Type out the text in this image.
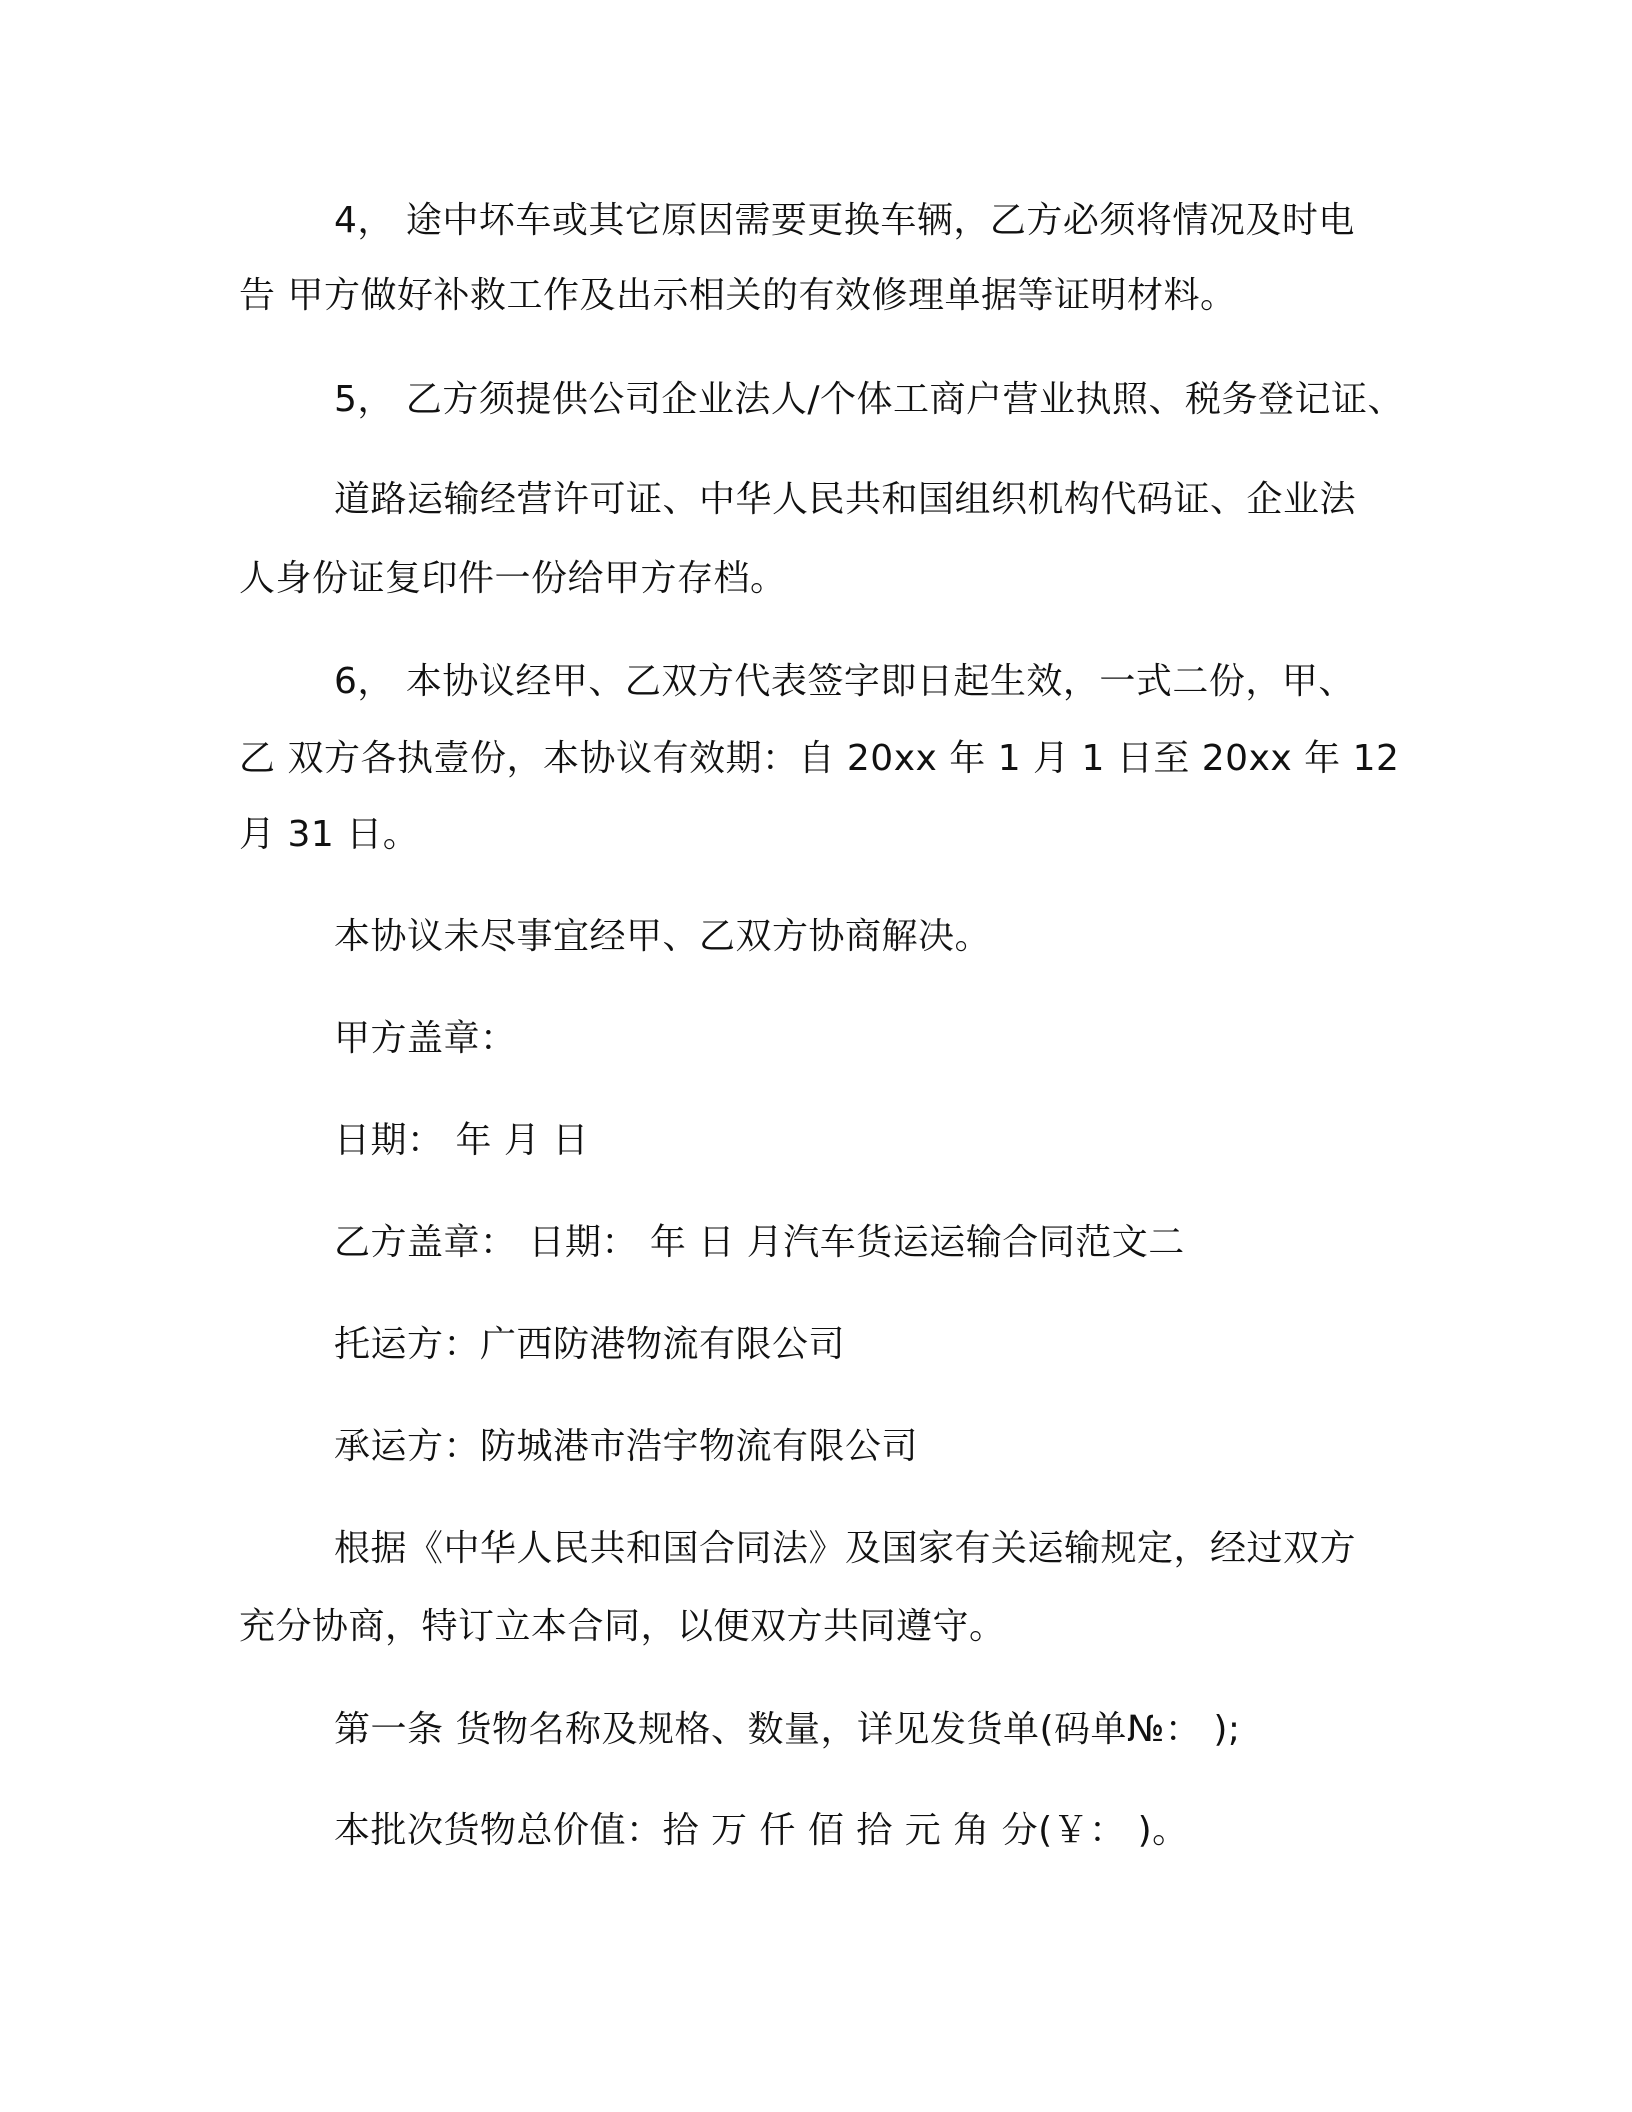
4， 途中坏车或其它原因需要更换车辆，乙方必须将情况及时电
告 甲方做好补救工作及出示相关的有效修理单据等证明材料。
5， 乙方须提供公司企业法人/个体工商户营业执照、税务登记证、
道路运输经营许可证、中华人民共和国组织机构代码证、企业法
人身份证复印件一份给甲方存档。
6， 本协议经甲、乙双方代表签字即日起生效，一式二份，甲、
乙 双方各执壹份，本协议有效期：自 20xx 年 1 月 1 日至 20xx 年 12
月 31 日。
本协议未尽事宜经甲、乙双方协商解决。
甲方盖章：
日期： 年 月 日
乙方盖章： 日期： 年 日 月汽车货运运输合同范文二
托运方：广西防港物流有限公司
承运方：防城港市浩宇物流有限公司
根据《中华人民共和国合同法》及国家有关运输规定，经过双方
充分协商，特订立本合同，以便双方共同遵守。
第一条 货物名称及规格、数量，详见发货单(码单№： );
本批次货物总价值：拾 万 仟 佰 拾 元 角 分(￥： )。
